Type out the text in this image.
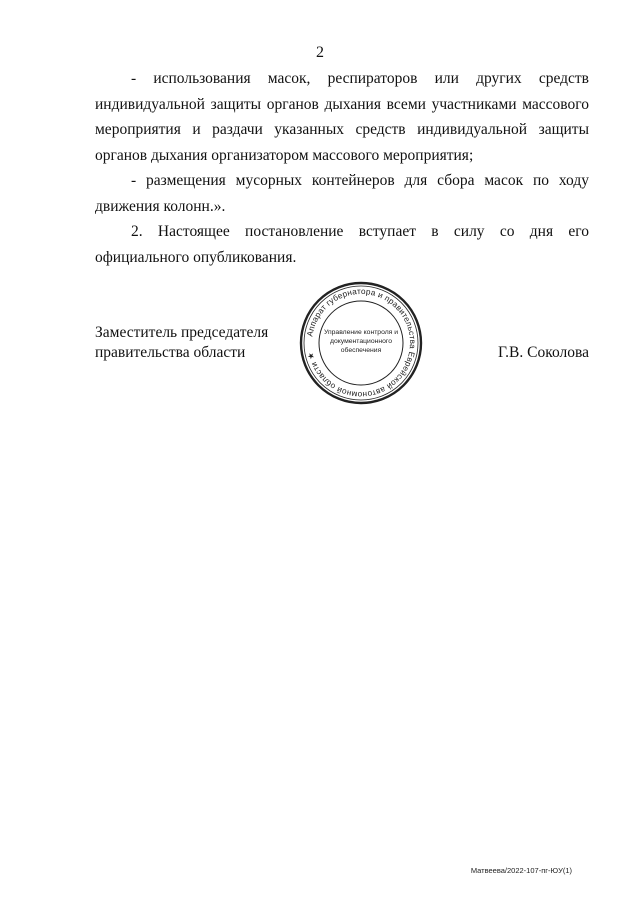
2

- использования масок, респираторов или других средств индивидуальной защиты органов дыхания всеми участниками массового мероприятия и раздачи указанных средств индивидуальной защиты органов дыхания организатором массового мероприятия;

- размещения мусорных контейнеров для сбора масок по ходу движения колонн.».

2. Настоящее постановление вступает в силу со дня его официального опубликования.

Заместитель председателя
правительства области	Г.В. Соколова
Аппарат губернатора и правительства Еврейской автономной области ★
Управление контроля и
документационного
обеспечения
Матвеева/2022-107-пг-ЮУ(1)
